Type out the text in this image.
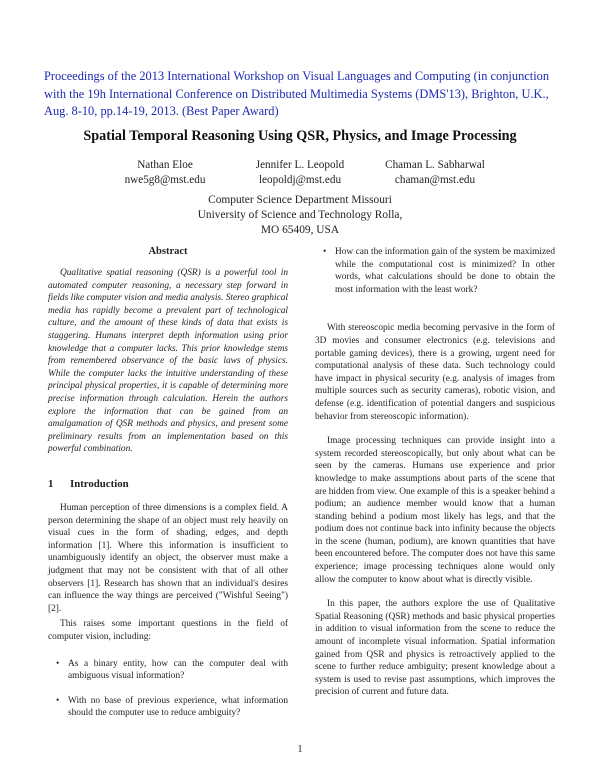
Proceedings of the 2013 International Workshop on Visual Languages and Computing (in conjunction with the 19h International Conference on Distributed Multimedia Systems (DMS'13), Brighton, U.K., Aug. 8-10, pp.14-19, 2013. (Best Paper Award)
Spatial Temporal Reasoning Using QSR, Physics, and Image Processing
Nathan Eloe
nwe5g8@mst.edu
Jennifer L. Leopold
leopoldj@mst.edu
Chaman L. Sabharwal
chaman@mst.edu
Computer Science Department Missouri
University of Science and Technology Rolla,
MO 65409, USA
Abstract
Qualitative spatial reasoning (QSR) is a powerful tool in automated computer reasoning, a necessary step forward in fields like computer vision and media analysis. Stereo graphical media has rapidly become a prevalent part of technological culture, and the amount of these kinds of data that exists is staggering. Humans interpret depth information using prior knowledge that a computer lacks. This prior knowledge stems from remembered observance of the basic laws of physics. While the computer lacks the intuitive understanding of these principal physical properties, it is capable of determining more precise information through calculation. Herein the authors explore the information that can be gained from an amalgamation of QSR methods and physics, and present some preliminary results from an implementation based on this powerful combination.
1 Introduction

Human perception of three dimensions is a complex field. A person determining the shape of an object must rely heavily on visual cues in the form of shading, edges, and depth information [1]. Where this information is insufficient to unambiguously identify an object, the observer must make a judgment that may not be consistent with that of all other observers [1]. Research has shown that an individual's desires can influence the way things are perceived ("Wishful Seeing") [2].

This raises some important questions in the field of computer vision, including:

• As a binary entity, how can the computer deal with ambiguous visual information?
• With no base of previous experience, what information should the computer use to reduce ambiguity?
• How can the information gain of the system be maximized while the computational cost is minimized? In other words, what calculations should be done to obtain the most information with the least work?

With stereoscopic media becoming pervasive in the form of 3D movies and consumer electronics (e.g. televisions and portable gaming devices), there is a growing, urgent need for computational analysis of these data. Such technology could have impact in physical security (e.g. analysis of images from multiple sources such as security cameras), robotic vision, and defense (e.g. identification of potential dangers and suspicious behavior from stereoscopic information).

Image processing techniques can provide insight into a system recorded stereoscopically, but only about what can be seen by the cameras. Humans use experience and prior knowledge to make assumptions about parts of the scene that are hidden from view. One example of this is a speaker behind a podium; an audience member would know that a human standing behind a podium most likely has legs, and that the podium does not continue back into infinity because the objects in the scene (human, podium), are known quantities that have been encountered before. The computer does not have this same experience; image processing techniques alone would only allow the computer to know about what is directly visible.

In this paper, the authors explore the use of Qualitative Spatial Reasoning (QSR) methods and basic physical properties in addition to visual information from the scene to reduce the amount of incomplete visual information. Spatial information gained from QSR and physics is retroactively applied to the scene to further reduce ambiguity; present knowledge about a system is used to revise past assumptions, which improves the precision of current and future data.

1
